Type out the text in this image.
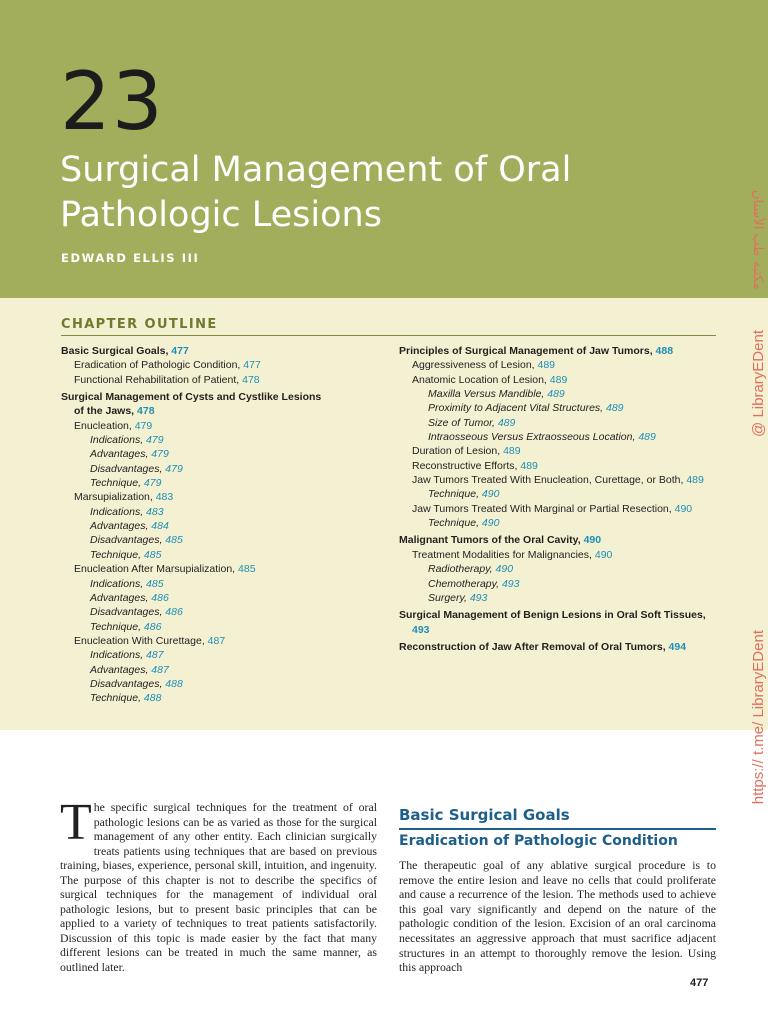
23
Surgical Management of Oral
Pathologic Lesions
EDWARD ELLIS III
CHAPTER OUTLINE
Basic Surgical Goals, 477
Eradication of Pathologic Condition, 477
Functional Rehabilitation of Patient, 478
Surgical Management of Cysts and Cystlike Lesions of the Jaws, 478
Enucleation, 479
Indications, 479
Advantages, 479
Disadvantages, 479
Technique, 479
Marsupialization, 483
Indications, 483
Advantages, 484
Disadvantages, 485
Technique, 485
Enucleation After Marsupialization, 485
Indications, 485
Advantages, 486
Disadvantages, 486
Technique, 486
Enucleation With Curettage, 487
Indications, 487
Advantages, 487
Disadvantages, 488
Technique, 488
Principles of Surgical Management of Jaw Tumors, 488
Aggressiveness of Lesion, 489
Anatomic Location of Lesion, 489
Maxilla Versus Mandible, 489
Proximity to Adjacent Vital Structures, 489
Size of Tumor, 489
Intraosseous Versus Extraosseous Location, 489
Duration of Lesion, 489
Reconstructive Efforts, 489
Jaw Tumors Treated With Enucleation, Curettage, or Both, 489
Technique, 490
Jaw Tumors Treated With Marginal or Partial Resection, 490
Technique, 490
Malignant Tumors of the Oral Cavity, 490
Treatment Modalities for Malignancies, 490
Radiotherapy, 490
Chemotherapy, 493
Surgery, 493
Surgical Management of Benign Lesions in Oral Soft Tissues, 493
Reconstruction of Jaw After Removal of Oral Tumors, 494
مكتبة طب الأسنان
@ LibraryEDent
https:// t.me/ LibraryEDent

The specific surgical techniques for the treatment of oral pathologic lesions can be as varied as those for the surgical management of any other entity. Each clinician surgically treats patients using techniques that are based on previous training, biases, experience, personal skill, intuition, and ingenuity. The purpose of this chapter is not to describe the specifics of surgical techniques for the management of individual oral pathologic lesions, but to present basic principles that can be applied to a variety of techniques to treat patients satisfactorily. Discussion of this topic is made easier by the fact that many different lesions can be treated in much the same manner, as outlined later.

Basic Surgical Goals
Eradication of Pathologic Condition

The therapeutic goal of any ablative surgical procedure is to remove the entire lesion and leave no cells that could proliferate and cause a recurrence of the lesion. The methods used to achieve this goal vary significantly and depend on the nature of the pathologic condition of the lesion. Excision of an oral carcinoma necessitates an aggressive approach that must sacrifice adjacent structures in an attempt to thoroughly remove the lesion. Using this approach

477
